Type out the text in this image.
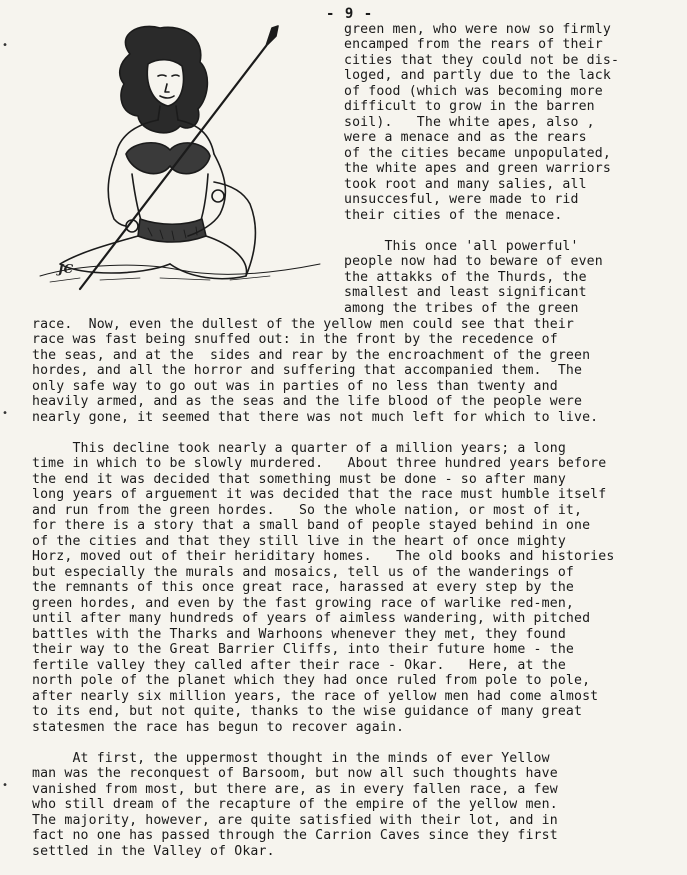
- 9 -
JC
green men, who were now so firmly
encamped from the rears of their
cities that they could not be dis-
loged, and partly due to the lack
of food (which was becoming more
difficult to grow in the barren
soil).   The white apes, also ,
were a menace and as the rears
of the cities became unpopulated,
the white apes and green warriors
took root and many salies, all
unsuccesful, were made to rid
their cities of the menace.
This once 'all powerful'
people now had to beware of even
the attakks of the Thurds, the
smallest and least significant
among the tribes of the green
race.  Now, even the dullest of the yellow men could see that their
race was fast being snuffed out: in the front by the recedence of
the seas, and at the  sides and rear by the encroachment of the green
hordes, and all the horror and suffering that accompanied them.  The
only safe way to go out was in parties of no less than twenty and
heavily armed, and as the seas and the life blood of the people were
nearly gone, it seemed that there was not much left for which to live.
This decline took nearly a quarter of a million years; a long
time in which to be slowly murdered.   About three hundred years before
the end it was decided that something must be done - so after many
long years of arguement it was decided that the race must humble itself
and run from the green hordes.   So the whole nation, or most of it,
for there is a story that a small band of people stayed behind in one
of the cities and that they still live in the heart of once mighty
Horz, moved out of their heriditary homes.   The old books and histories
but especially the murals and mosaics, tell us of the wanderings of
the remnants of this once great race, harassed at every step by the
green hordes, and even by the fast growing race of warlike red-men,
until after many hundreds of years of aimless wandering, with pitched
battles with the Tharks and Warhoons whenever they met, they found
their way to the Great Barrier Cliffs, into their future home - the
fertile valley they called after their race - Okar.   Here, at the
north pole of the planet which they had once ruled from pole to pole,
after nearly six million years, the race of yellow men had come almost
to its end, but not quite, thanks to the wise guidance of many great
statesmen the race has begun to recover again.
At first, the uppermost thought in the minds of ever Yellow
man was the reconquest of Barsoom, but now all such thoughts have
vanished from most, but there are, as in every fallen race, a few
who still dream of the recapture of the empire of the yellow men.
The majority, however, are quite satisfied with their lot, and in
fact no one has passed through the Carrion Caves since they first
settled in the Valley of Okar.
•
•
•
